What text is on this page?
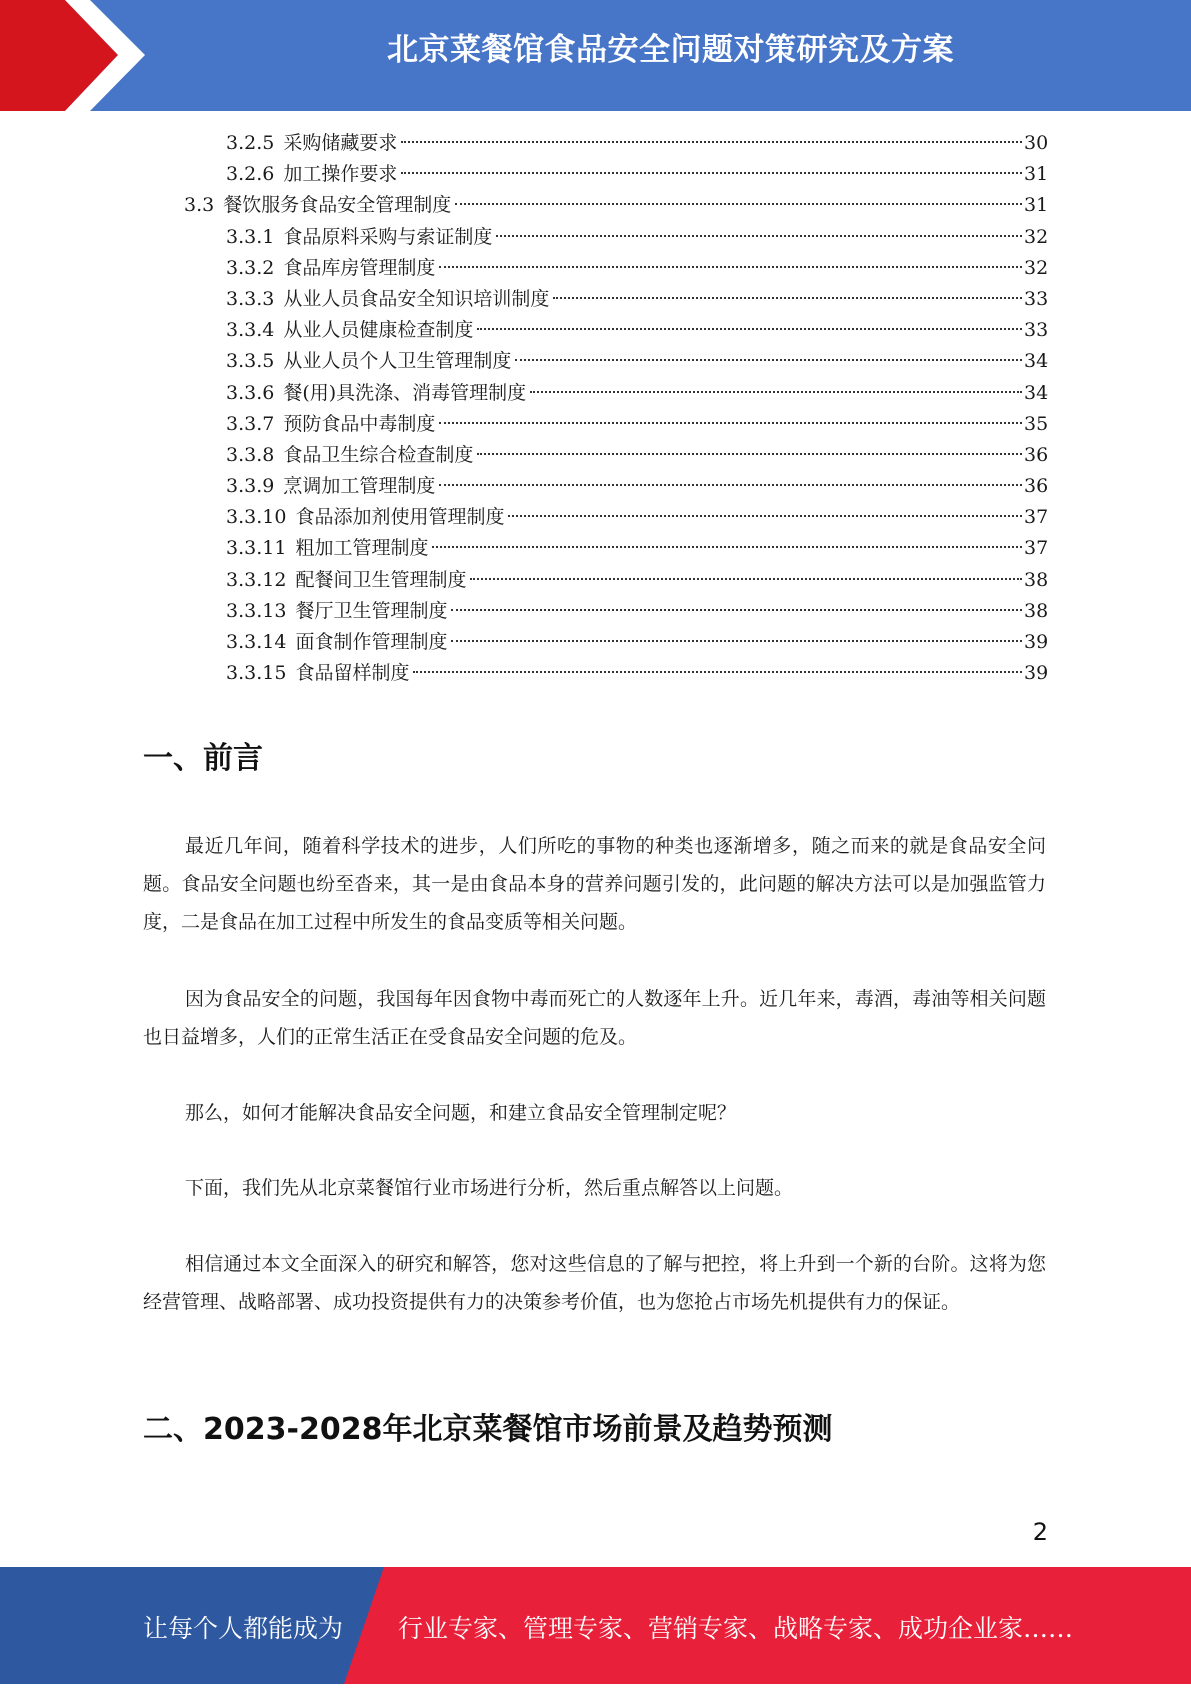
北京菜餐馆食品安全问题对策研究及方案
3.2.5 采购储藏要求	30
3.2.6 加工操作要求	31
3.3 餐饮服务食品安全管理制度	31
3.3.1 食品原料采购与索证制度	32
3.3.2 食品库房管理制度	32
3.3.3 从业人员食品安全知识培训制度	33
3.3.4 从业人员健康检查制度	33
3.3.5 从业人员个人卫生管理制度	34
3.3.6 餐(用)具洗涤、消毒管理制度	34
3.3.7 预防食品中毒制度	35
3.3.8 食品卫生综合检查制度	36
3.3.9 烹调加工管理制度	36
3.3.10 食品添加剂使用管理制度	37
3.3.11 粗加工管理制度	37
3.3.12 配餐间卫生管理制度	38
3.3.13 餐厅卫生管理制度	38
3.3.14 面食制作管理制度	39
3.3.15 食品留样制度	39
一、前言
最近几年间，随着科学技术的进步，人们所吃的事物的种类也逐渐增多，随之而来的就是食品安全问题。食品安全问题也纷至沓来，其一是由食品本身的营养问题引发的，此问题的解决方法可以是加强监管力度，二是食品在加工过程中所发生的食品变质等相关问题。
因为食品安全的问题，我国每年因食物中毒而死亡的人数逐年上升。近几年来，毒酒，毒油等相关问题也日益增多，人们的正常生活正在受食品安全问题的危及。
那么，如何才能解决食品安全问题，和建立食品安全管理制定呢？
下面，我们先从北京菜餐馆行业市场进行分析，然后重点解答以上问题。
相信通过本文全面深入的研究和解答，您对这些信息的了解与把控，将上升到一个新的台阶。这将为您经营管理、战略部署、成功投资提供有力的决策参考价值，也为您抢占市场先机提供有力的保证。
二、2023-2028年北京菜餐馆市场前景及趋势预测
2
让每个人都能成为 行业专家、管理专家、营销专家、战略专家、成功企业家……
